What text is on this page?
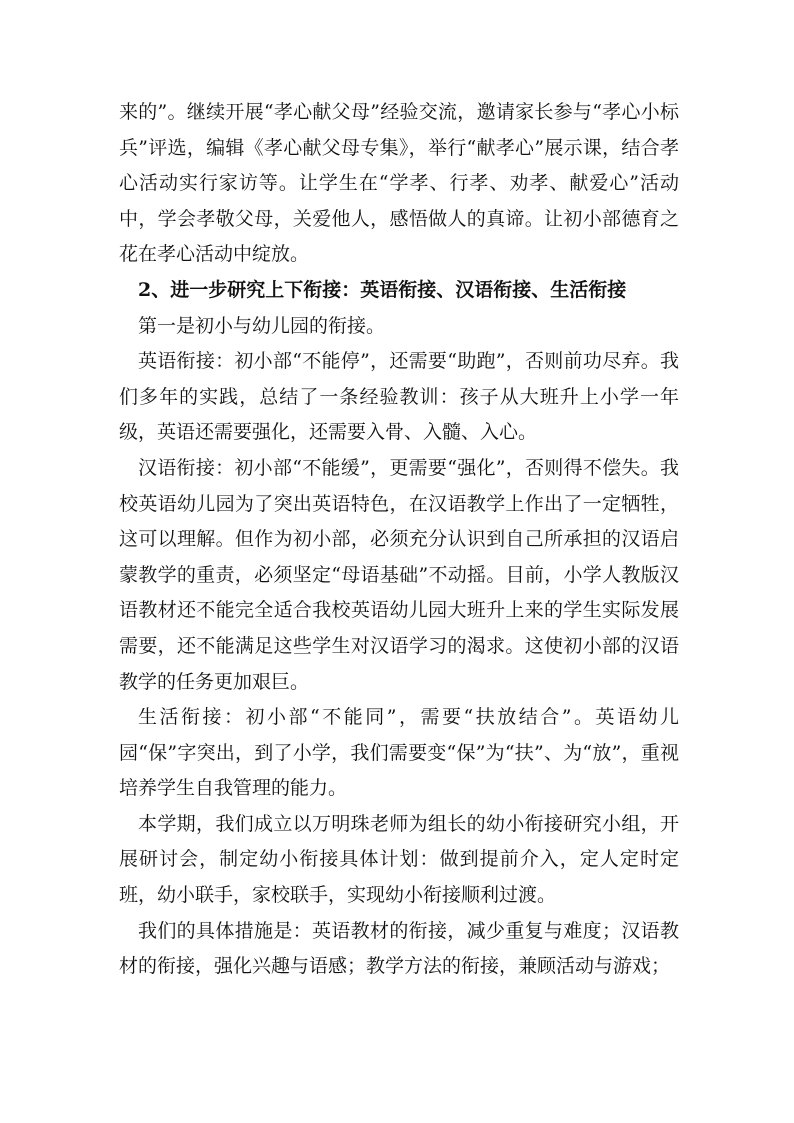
来的”。继续开展“孝心献父母”经验交流，邀请家长参与“孝心小标兵”评选，编辑《孝心献父母专集》，举行“献孝心”展示课，结合孝心活动实行家访等。让学生在“学孝、行孝、劝孝、献爱心”活动中，学会孝敬父母，关爱他人，感悟做人的真谛。让初小部德育之花在孝心活动中绽放。

2、进一步研究上下衔接：英语衔接、汉语衔接、生活衔接

第一是初小与幼儿园的衔接。

英语衔接：初小部“不能停”，还需要“助跑”，否则前功尽弃。我们多年的实践，总结了一条经验教训：孩子从大班升上小学一年级，英语还需要强化，还需要入骨、入髓、入心。

汉语衔接：初小部“不能缓”，更需要“强化”，否则得不偿失。我校英语幼儿园为了突出英语特色，在汉语教学上作出了一定牺牲，这可以理解。但作为初小部，必须充分认识到自己所承担的汉语启蒙教学的重责，必须坚定“母语基础”不动摇。目前，小学人教版汉语教材还不能完全适合我校英语幼儿园大班升上来的学生实际发展需要，还不能满足这些学生对汉语学习的渴求。这使初小部的汉语教学的任务更加艰巨。

生活衔接：初小部“不能同”，需要“扶放结合”。英语幼儿园“保”字突出，到了小学，我们需要变“保”为“扶”、为“放”，重视培养学生自我管理的能力。

本学期，我们成立以万明珠老师为组长的幼小衔接研究小组，开展研讨会，制定幼小衔接具体计划：做到提前介入，定人定时定班，幼小联手，家校联手，实现幼小衔接顺利过渡。

我们的具体措施是：英语教材的衔接，减少重复与难度；汉语教材的衔接，强化兴趣与语感；教学方法的衔接，兼顾活动与游戏；
